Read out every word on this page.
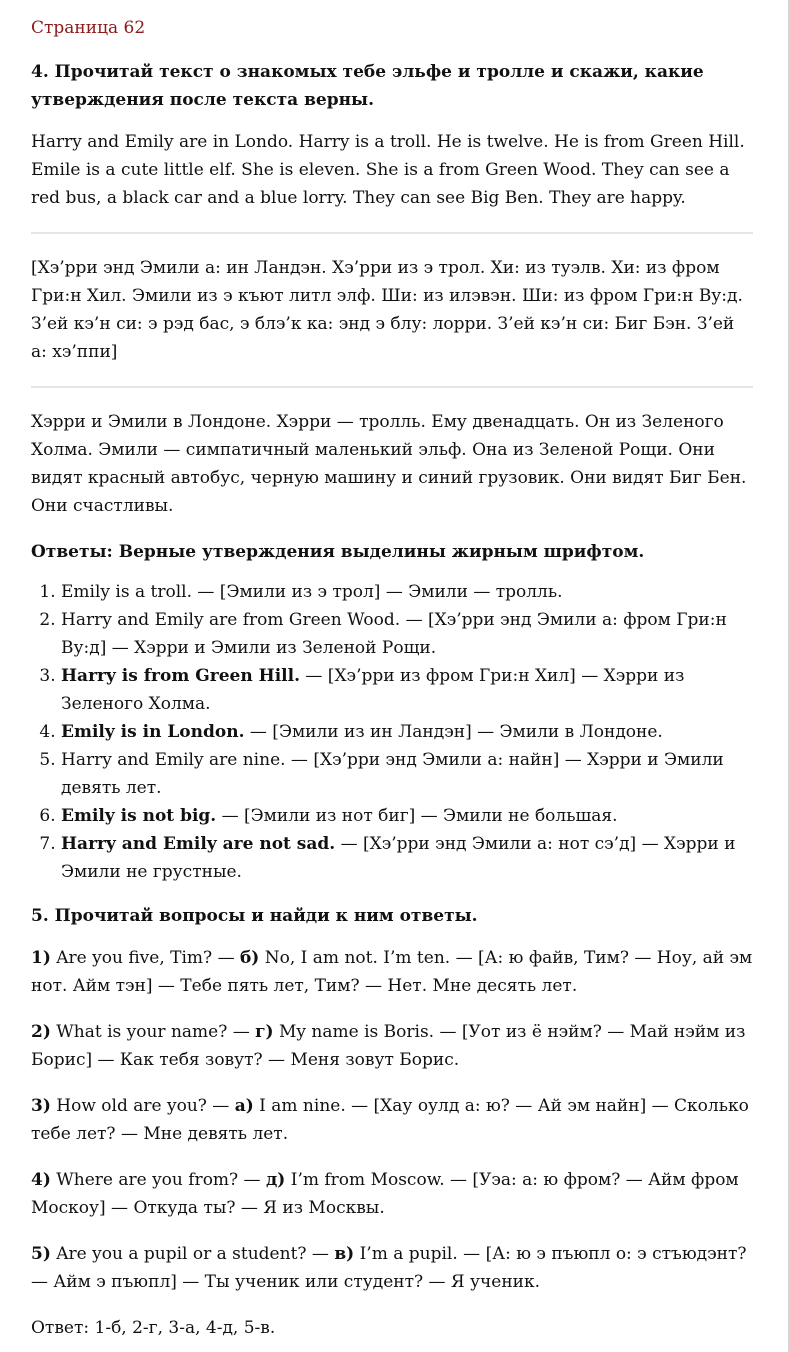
Страница 62
4. Прочитай текст о знакомых тебе эльфе и тролле и скажи, какие утверждения после текста верны.

Harry and Emily are in Londo. Harry is a troll. He is twelve. He is from Green Hill. Emile is a cute little elf. She is eleven. She is a from Green Wood. They can see a red bus, a black car and a blue lorry. They can see Big Ben. They are happy.

[Хэ’рри энд Эмили а: ин Ландэн. Хэ’рри из э трол. Хи: из туэлв. Хи: из фром Гри:н Хил. Эмили из э къют литл элф. Ши: из илэвэн. Ши: из фром Гри:н Ву:д. З’ей кэ’н си: э рэд бас, э блэ’к ка: энд э блу: лорри. З’ей кэ’н си: Биг Бэн. З’ей а: хэ’ппи]

Хэрри и Эмили в Лондоне. Хэрри — тролль. Ему двенадцать. Он из Зеленого Холма. Эмили — симпатичный маленький эльф. Она из Зеленой Рощи. Они видят красный автобус, черную машину и синий грузовик. Они видят Биг Бен. Они счастливы.

Ответы: Верные утверждения выделины жирным шрифтом.
1. Emily is a troll. — [Эмили из э трол] — Эмили — тролль.
2. Harry and Emily are from Green Wood. — [Хэ’рри энд Эмили а: фром Гри:н Ву:д] — Хэрри и Эмили из Зеленой Рощи.
3. Harry is from Green Hill. — [Хэ’рри из фром Гри:н Хил] — Хэрри из Зеленого Холма.
4. Emily is in London. — [Эмили из ин Ландэн] — Эмили в Лондоне.
5. Harry and Emily are nine. — [Хэ’рри энд Эмили а: найн] — Хэрри и Эмили девять лет.
6. Emily is not big. — [Эмили из нот биг] — Эмили не большая.
7. Harry and Emily are not sad. — [Хэ’рри энд Эмили а: нот сэ’д] — Хэрри и Эмили не грустные.
5. Прочитай вопросы и найди к ним ответы.

1) Are you five, Tim? — б) No, I am not. I’m ten. — [А: ю файв, Тим? — Ноу, ай эм нот. Айм тэн] — Тебе пять лет, Тим? — Нет. Мне десять лет.

2) What is your name? — г) My name is Boris. — [Уот из ё нэйм? — Май нэйм из Борис] — Как тебя зовут? — Меня зовут Борис.

3) How old are you? — а) I am nine. — [Хау оулд а: ю? — Ай эм найн] — Сколько тебе лет? — Мне девять лет.

4) Where are you from? — д) I’m from Moscow. — [Уэа: а: ю фром? — Айм фром Москоу] — Откуда ты? — Я из Москвы.

5) Are you a pupil or a student? — в) I’m a pupil. — [А: ю э пъюпл о: э стъюдэнт? — Айм э пъюпл] — Ты ученик или студент? — Я ученик.

Ответ: 1-б, 2-г, 3-а, 4-д, 5-в.
